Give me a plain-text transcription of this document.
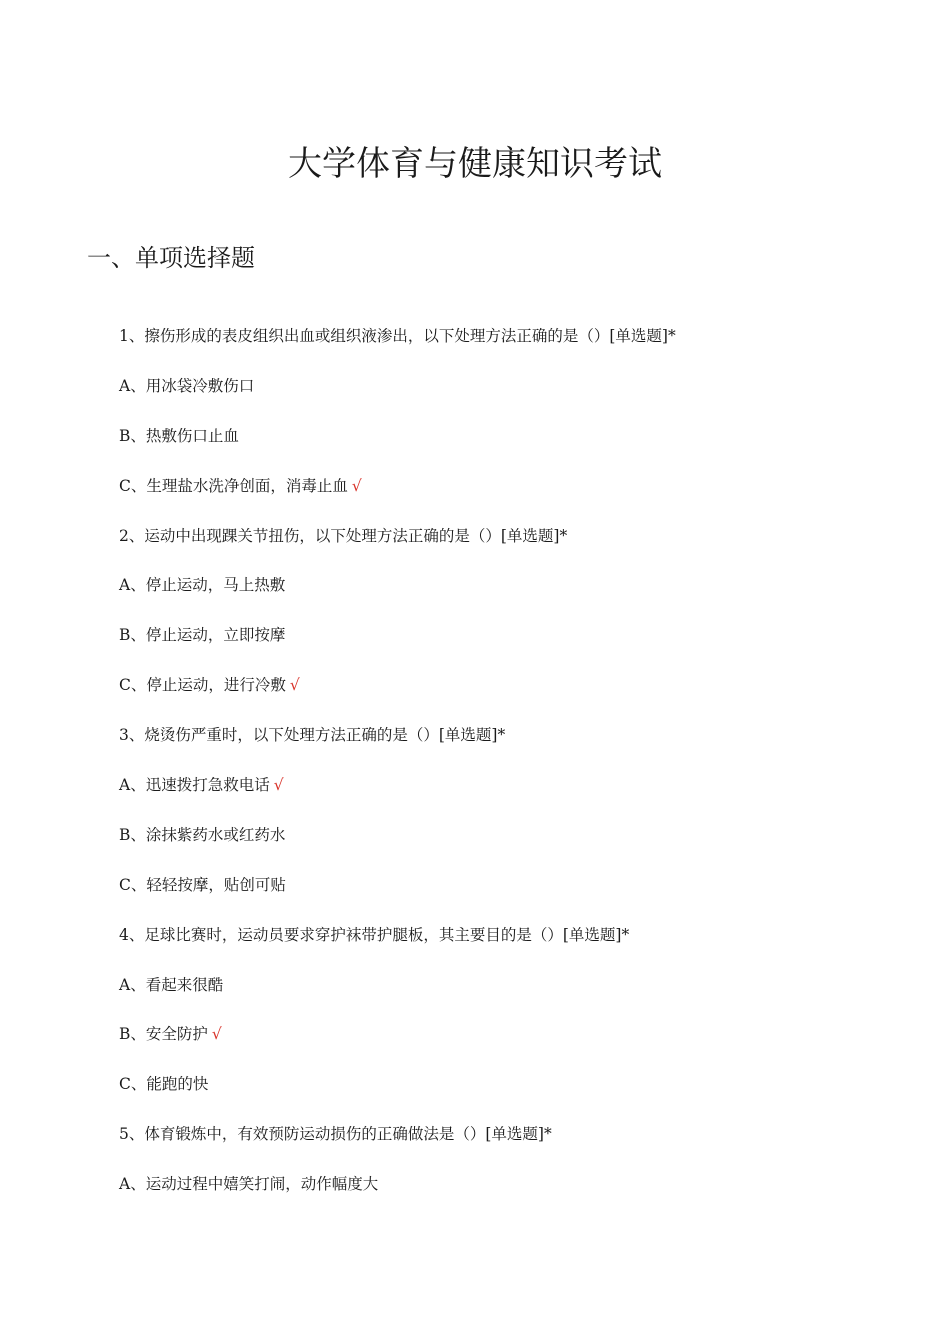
大学体育与健康知识考试
一、单项选择题
1、擦伤形成的表皮组织出血或组织液渗出，以下处理方法正确的是（）[单选题]*
A、用冰袋冷敷伤口
B、热敷伤口止血
C、生理盐水洗净创面，消毒止血 √
2、运动中出现踝关节扭伤，以下处理方法正确的是（）[单选题]*
A、停止运动，马上热敷
B、停止运动，立即按摩
C、停止运动，进行冷敷 √
3、烧烫伤严重时，以下处理方法正确的是（）[单选题]*
A、迅速拨打急救电话 √
B、涂抹紫药水或红药水
C、轻轻按摩，贴创可贴
4、足球比赛时，运动员要求穿护袜带护腿板，其主要目的是（）[单选题]*
A、看起来很酷
B、安全防护 √
C、能跑的快
5、体育锻炼中，有效预防运动损伤的正确做法是（）[单选题]*
A、运动过程中嬉笑打闹，动作幅度大
